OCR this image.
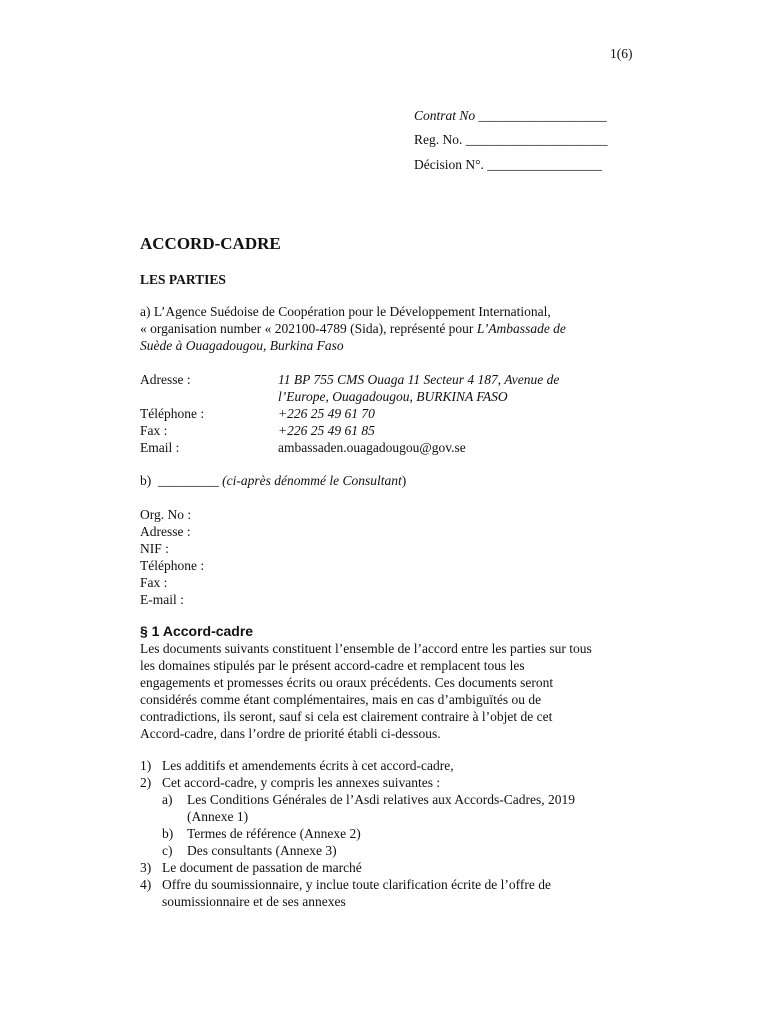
1(6)
Contrat No ___________________
Reg. No. _____________________
Décision N°. _________________
ACCORD-CADRE
LES PARTIES
a) L’Agence Suédoise de Coopération pour le Développement International,
« organisation number « 202100-4789 (Sida), représenté pour L’Ambassade de
Suède à Ouagadougou, Burkina Faso
Adresse :	11 BP 755 CMS Ouaga 11 Secteur 4 187, Avenue de
l’Europe, Ouagadougou, BURKINA FASO
Téléphone :	+226 25 49 61 70
Fax :	+226 25 49 61 85
Email :	ambassaden.ouagadougou@gov.se
b) _________ (ci-après dénommé le Consultant)
Org. No :
Adresse :
NIF :
Téléphone :
Fax :
E-mail :
§ 1 Accord-cadre
Les documents suivants constituent l’ensemble de l’accord entre les parties sur tous
les domaines stipulés par le présent accord-cadre et remplacent tous les
engagements et promesses écrits ou oraux précédents. Ces documents seront
considérés comme étant complémentaires, mais en cas d’ambiguïtés ou de
contradictions, ils seront, sauf si cela est clairement contraire à l’objet de cet
Accord-cadre, dans l’ordre de priorité établi ci-dessous.
1) Les additifs et amendements écrits à cet accord-cadre,
2) Cet accord-cadre, y compris les annexes suivantes :
a) Les Conditions Générales de l’Asdi relatives aux Accords-Cadres, 2019
(Annexe 1)
b) Termes de référence (Annexe 2)
c) Des consultants (Annexe 3)
3) Le document de passation de marché
4) Offre du soumissionnaire, y inclue toute clarification écrite de l’offre de
soumissionnaire et de ses annexes
